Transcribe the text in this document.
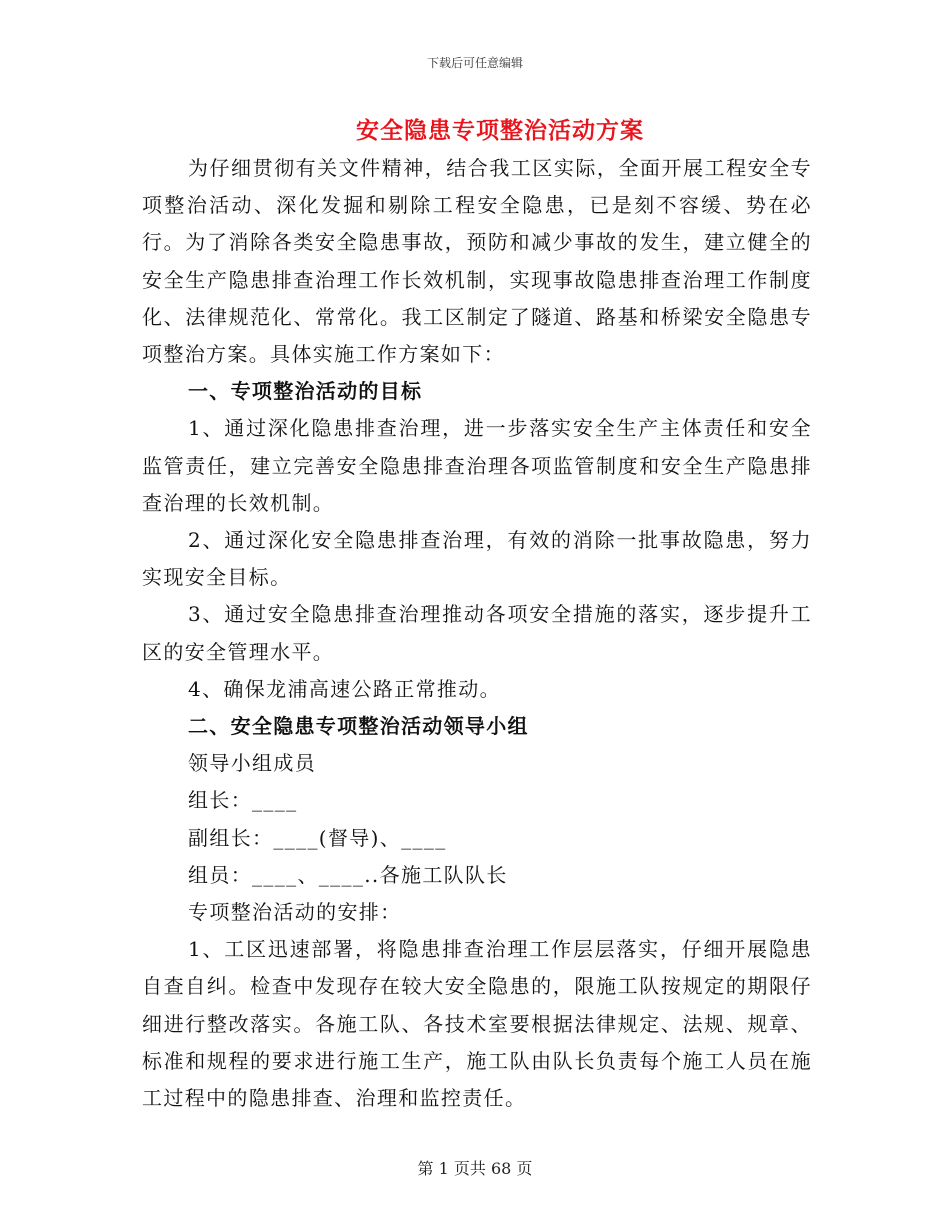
下载后可任意编辑
安全隐患专项整治活动方案

为仔细贯彻有关文件精神，结合我工区实际，全面开展工程安全专项整治活动、深化发掘和剔除工程安全隐患，已是刻不容缓、势在必行。为了消除各类安全隐患事故，预防和减少事故的发生，建立健全的安全生产隐患排查治理工作长效机制，实现事故隐患排查治理工作制度化、法律规范化、常常化。我工区制定了隧道、路基和桥梁安全隐患专项整治方案。具体实施工作方案如下：

一、专项整治活动的目标

1、通过深化隐患排查治理，进一步落实安全生产主体责任和安全监管责任，建立完善安全隐患排查治理各项监管制度和安全生产隐患排查治理的长效机制。

2、通过深化安全隐患排查治理，有效的消除一批事故隐患，努力实现安全目标。

3、通过安全隐患排查治理推动各项安全措施的落实，逐步提升工区的安全管理水平。

4、确保龙浦高速公路正常推动。

二、安全隐患专项整治活动领导小组

领导小组成员

组长：____

副组长：____(督导)、____

组员：____、____..各施工队队长

专项整治活动的安排：

1、工区迅速部署，将隐患排查治理工作层层落实，仔细开展隐患自查自纠。检查中发现存在较大安全隐患的，限施工队按规定的期限仔细进行整改落实。各施工队、各技术室要根据法律规定、法规、规章、标准和规程的要求进行施工生产，施工队由队长负责每个施工人员在施工过程中的隐患排查、治理和监控责任。

第 1 页共 68 页
